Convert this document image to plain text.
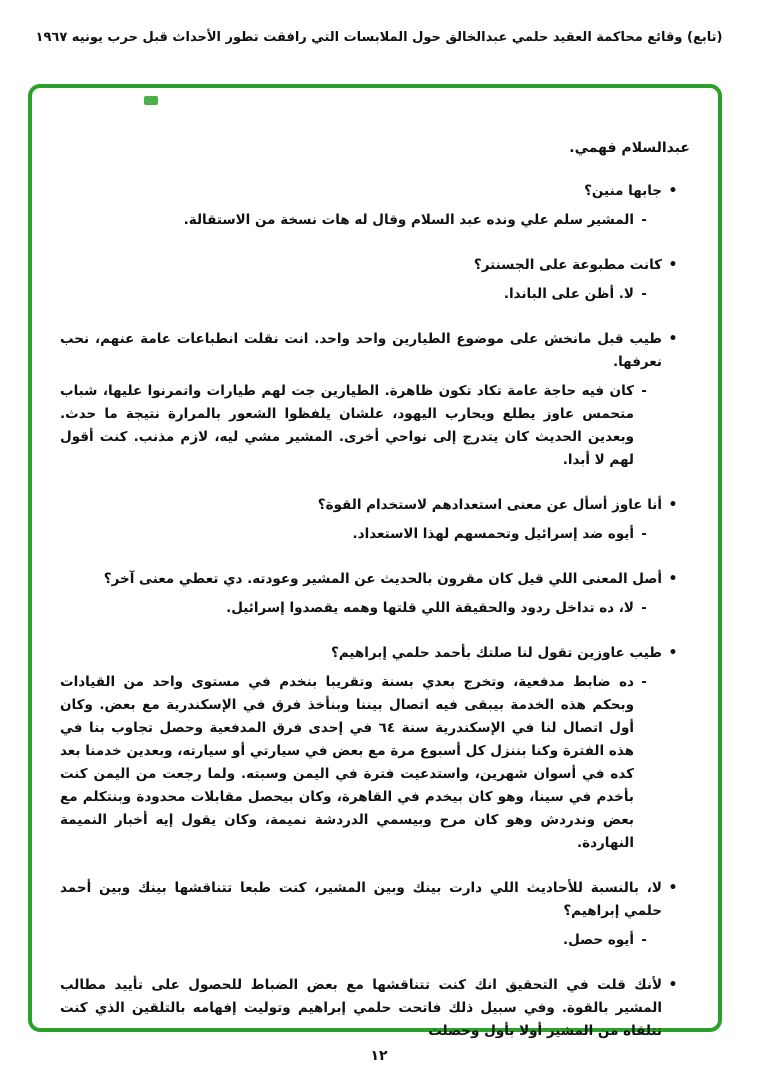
(تابع) وقائع محاكمة العقيد حلمي عبدالخالق حول الملابسات التي رافقت تطور الأحداث قبل حرب يونيه ١٩٦٧
عبدالسلام فهمي.
•
جابها منين؟
-
المشير سلم علي ونده عبد السلام وقال له هات نسخة من الاستقالة.
•
كانت مطبوعة على الجسنتر؟
-
لا. أظن على الباندا.
•
طيب قبل مانخش على موضوع الطيارين واحد واحد. انت نقلت انطباعات عامة عنهم، نحب نعرفها.
-
كان فيه حاجة عامة تكاد تكون ظاهرة. الطيارين جت لهم طيارات واتمرنوا عليها، شباب متحمس عاوز يطلع ويحارب اليهود، علشان يلفظوا الشعور بالمرارة نتيجة ما حدث. وبعدين الحديث كان يتدرج إلى نواحي أخرى. المشير مشي ليه، لازم مذنب. كنت أقول لهم لا أبدا.
•
أنا عاوز أسأل عن معنى استعدادهم لاستخدام القوة؟
-
أيوه ضد إسرائيل وتحمسهم لهذا الاستعداد.
•
أصل المعنى اللي قيل كان مقرون بالحديث عن المشير وعودته. دي تعطي معنى آخر؟
-
لا، ده تداخل ردود والحقيقة اللي قلتها وهمه يقصدوا إسرائيل.
•
طيب عاوزين تقول لنا صلتك بأحمد حلمي إبراهيم؟
-
ده ضابط مدفعية، وتخرج بعدي بسنة وتقريبا بنخدم في مستوى واحد من القيادات وبحكم هذه الخدمة بيبقى فيه اتصال بيننا وبنأخذ فرق في الإسكندرية مع بعض. وكان أول اتصال لنا في الإسكندرية سنة ٦٤ في إحدى فرق المدفعية وحصل تجاوب بنا في هذه الفترة وكنا بننزل كل أسبوع مرة مع بعض في سيارتي أو سيارته، وبعدين خدمنا بعد كده في أسوان شهرين، واستدعيت فترة في اليمن وسبته. ولما رجعت من اليمن كنت بأخدم في سينا، وهو كان بيخدم في القاهرة، وكان بيحصل مقابلات محدودة وبنتكلم مع بعض وندردش وهو كان مرح وبيسمي الدردشة نميمة، وكان يقول إيه أخبار النميمة النهاردة.
•
لا، بالنسبة للأحاديث اللي دارت بينك وبين المشير، كنت طبعا تتناقشها بينك وبين أحمد حلمي إبراهيم؟
-
أيوه حصل.
•
لأنك قلت في التحقيق انك كنت تتناقشها مع بعض الضباط للحصول على تأييد مطالب المشير بالقوة. وفي سبيل ذلك فاتحت حلمي إبراهيم وتوليت إفهامه بالتلقين الذي كنت تتلقاه من المشير أولا بأول وحصلت
١٢
